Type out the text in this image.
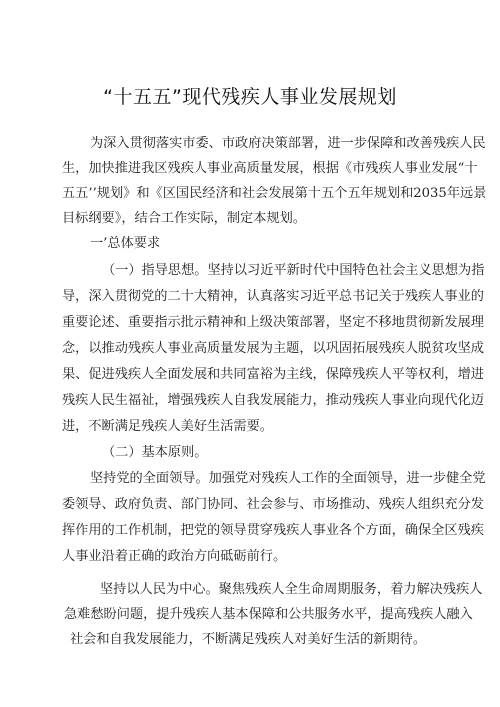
“十五五”现代残疾人事业发展规划
为深入贯彻落实市委、市政府决策部署，进一步保障和改善残疾人民
生，加快推进我区残疾人事业高质量发展，根据《市残疾人事业发展“十
五五’’规划》和《区国民经济和社会发展第十五个五年规划和2035年远景
目标纲要》，结合工作实际，制定本规划。
一’总体要求
（一）指导思想。坚持以习近平新时代中国特色社会主义思想为指
导，深入贯彻党的二十大精神，认真落实习近平总书记关于残疾人事业的
重要论述、重要指示批示精神和上级决策部署，坚定不移地贯彻新发展理
念，以推动残疾人事业高质量发展为主题，以巩固拓展残疾人脱贫攻坚成
果、促进残疾人全面发展和共同富裕为主线，保障残疾人平等权利，增进
残疾人民生福祉，增强残疾人自我发展能力，推动残疾人事业向现代化迈
进，不断满足残疾人美好生活需要。
（二）基本原则。
坚持党的全面领导。加强党对残疾人工作的全面领导，进一步健全党
委领导、政府负责、部门协同、社会参与、市场推动、残疾人组织充分发
挥作用的工作机制，把党的领导贯穿残疾人事业各个方面，确保全区残疾
人事业沿着正确的政治方向砥砺前行。
坚持以人民为中心。聚焦残疾人全生命周期服务，着力解决残疾人
急难愁盼问题，提升残疾人基本保障和公共服务水平，提高残疾人融入
社会和自我发展能力，不断满足残疾人对美好生活的新期待。
